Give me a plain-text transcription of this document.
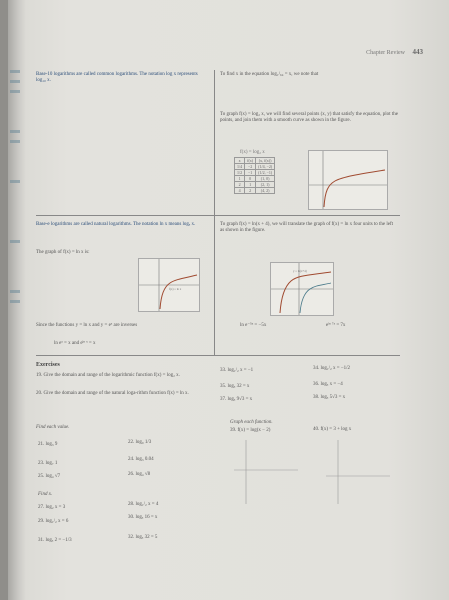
Chapter Review 443
Base-10 logarithms are called common logarithms. The notation log x represents log₁₀ x.
To find x in the equation log₁/₆₄ = x, we note that
To graph f(x) = log₂ x, we will find several points (x, y) that satisfy the equation, plot the points, and join them with a smooth curve as shown in the figure.
f(x) = log₂ x
x	f(x)	(x, f(x))
1/4	−2	(1/4, −2)
1/2	−1	(1/2, −1)
1	0	(1, 0)
2	1	(2, 1)
4	2	(4, 2)
Base-e logarithms are called natural logarithms. The notation ln x means logₑ x.
The graph of f(x) = ln x is:
f(x) = ln x
Since the functions y = ln x and y = eˣ are inverses
ln eˣ = x and eˡⁿ ˣ = x
To graph f(x) = ln(x + 4), we will translate the graph of f(x) = ln x four units to the left as shown in the figure.
y = ln(x+4)
ln e⁻⁵ˣ = −5x	eˡⁿ ⁷ˣ = 7x
Exercises
19. Give the domain and range of the logarithmic function f(x) = log₂ x.
20. Give the domain and range of the natural loga-rithm function f(x) = ln x.
Find each value.
21. log₃ 9	22. log₉ 1/3
23. log₇ 1
24. log₃ 0.04
25. log₄ √7	26. log₄ √8
Find x.
27. log₂ x = 3
28. log₁/₂ x = 4
29. log₁/₂ x = 6
30. logₓ 16 = x
31. logₓ 2 = −1/3
32. logₓ 32 = 5
33. log₁/₂ x = −1	34. log₁/₂ x = −1/2
35. logₓ 32 = x	36. logₓ x = −4
37. logₓ 9√3 = x	38. logₓ 5√3 = x
Graph each function.
39. f(x) = log(x − 2)	40. f(x) = 3 + log x
